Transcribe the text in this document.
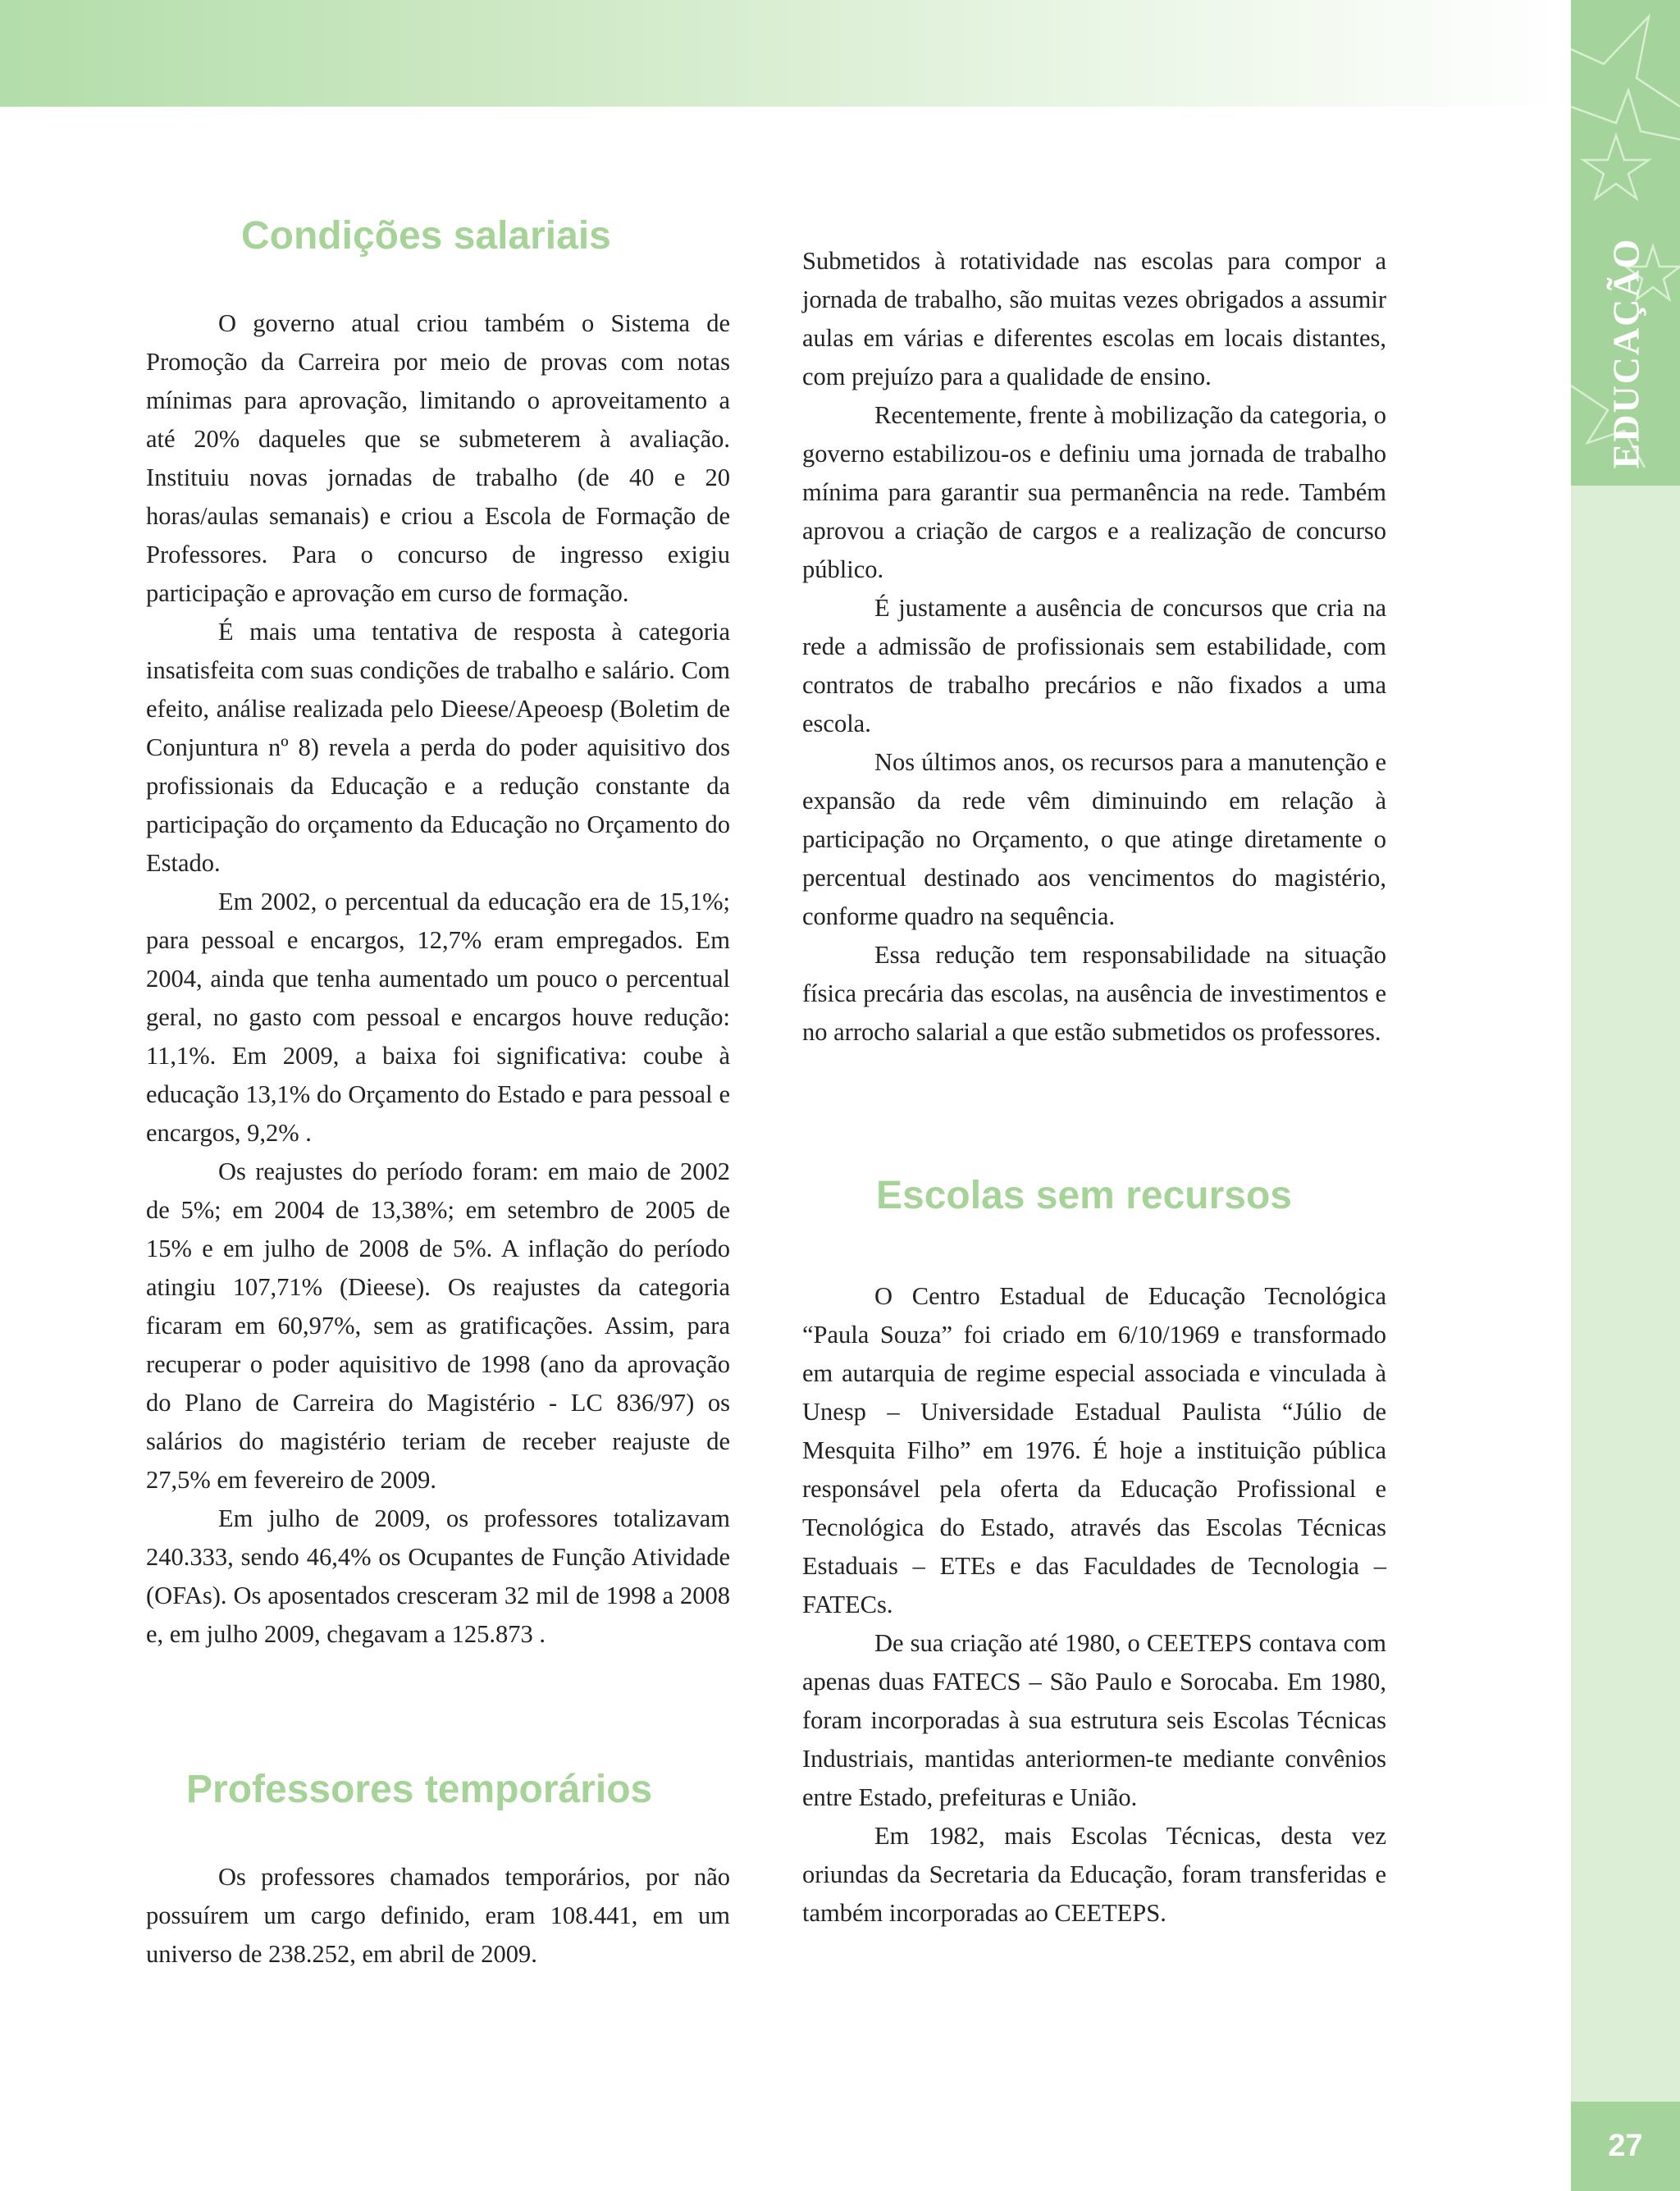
EDUCAÇÃO
27
Condições salariais

O governo atual criou também o Sistema de Promoção da Carreira por meio de provas com notas mínimas para aprovação, limitando o aproveitamento a até 20% daqueles que se submeterem à avaliação. Instituiu novas jornadas de trabalho (de 40 e 20 horas/aulas semanais) e criou a Escola de Formação de Professores. Para o concurso de ingresso exigiu participação e aprovação em curso de formação.

É mais uma tentativa de resposta à categoria insatisfeita com suas condições de trabalho e salário. Com efeito, análise realizada pelo Dieese/Apeoesp (Boletim de Conjuntura nº 8) revela a perda do poder aquisitivo dos profissionais da Educação e a redução constante da participação do orçamento da Educação no Orçamento do Estado.

Em 2002, o percentual da educação era de 15,1%; para pessoal e encargos, 12,7% eram empregados. Em 2004, ainda que tenha aumentado um pouco o percentual geral, no gasto com pessoal e encargos houve redução: 11,1%. Em 2009, a baixa foi significativa: coube à educação 13,1% do Orçamento do Estado e para pessoal e encargos, 9,2% .

Os reajustes do período foram: em maio de 2002 de 5%; em 2004 de 13,38%; em setembro de 2005 de 15% e em julho de 2008 de 5%. A inflação do período atingiu 107,71% (Dieese). Os reajustes da categoria ficaram em 60,97%, sem as gratificações. Assim, para recuperar o poder aquisitivo de 1998 (ano da aprovação do Plano de Carreira do Magistério - LC 836/97) os salários do magistério teriam de receber reajuste de 27,5% em fevereiro de 2009.

Em julho de 2009, os professores totalizavam 240.333, sendo 46,4% os Ocupantes de Função Atividade (OFAs). Os aposentados cresceram 32 mil de 1998 a 2008 e, em julho 2009, chegavam a 125.873 .

Professores temporários

Os professores chamados temporários, por não possuírem um cargo definido, eram 108.441, em um universo de 238.252, em abril de 2009.

Submetidos à rotatividade nas escolas para compor a jornada de trabalho, são muitas vezes obrigados a assumir aulas em várias e diferentes escolas em locais distantes, com prejuízo para a qualidade de ensino.

Recentemente, frente à mobilização da categoria, o governo estabilizou-os e definiu uma jornada de trabalho mínima para garantir sua permanência na rede. Também aprovou a criação de cargos e a realização de concurso público.

É justamente a ausência de concursos que cria na rede a admissão de profissionais sem estabilidade, com contratos de trabalho precários e não fixados a uma escola.

Nos últimos anos, os recursos para a manutenção e expansão da rede vêm diminuindo em relação à participação no Orçamento, o que atinge diretamente o percentual destinado aos vencimentos do magistério, conforme quadro na sequência.

Essa redução tem responsabilidade na situação física precária das escolas, na ausência de investimentos e no arrocho salarial a que estão submetidos os professores.

Escolas sem recursos

O Centro Estadual de Educação Tecnológica “Paula Souza” foi criado em 6/10/1969 e transformado em autarquia de regime especial associada e vinculada à Unesp – Universidade Estadual Paulista “Júlio de Mesquita Filho” em 1976. É hoje a instituição pública responsável pela oferta da Educação Profissional e Tecnológica do Estado, através das Escolas Técnicas Estaduais – ETEs e das Faculdades de Tecnologia – FATECs.

De sua criação até 1980, o CEETEPS contava com apenas duas FATECS – São Paulo e Sorocaba. Em 1980, foram incorporadas à sua estrutura seis Escolas Técnicas Industriais, mantidas anteriormen-te mediante convênios entre Estado, prefeituras e União.

Em 1982, mais Escolas Técnicas, desta vez oriundas da Secretaria da Educação, foram transferidas e também incorporadas ao CEETEPS.
